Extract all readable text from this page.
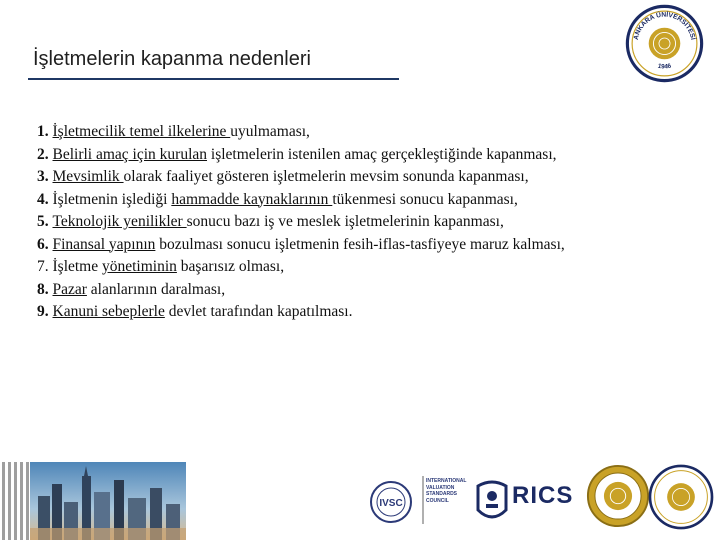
İşletmelerin kapanma nedenleri
ANKARA ÜNİVERSİTESİ
1946
1. İşletmecilik temel ilkelerine uyulmaması,
2. Belirli amaç için kurulan işletmelerin istenilen amaç gerçekleştiğinde kapanması,
3. Mevsimlik olarak faaliyet gösteren işletmelerin mevsim sonunda kapanması,
4. İşletmenin işlediği hammadde kaynaklarının tükenmesi sonucu kapanması,
5. Teknolojik yenilikler sonucu bazı iş ve meslek işletmelerinin kapanması,
6. Finansal yapının bozulması sonucu işletmenin fesih-iflas-tasfiyeye maruz kalması,
7. İşletme yönetiminin başarısız olması,
8. Pazar alanlarının daralması,
9. Kanuni sebeplerle devlet tarafından kapatılması.
IVSC
INTERNATIONAL
VALUATION
STANDARDS
COUNCIL	RICS
